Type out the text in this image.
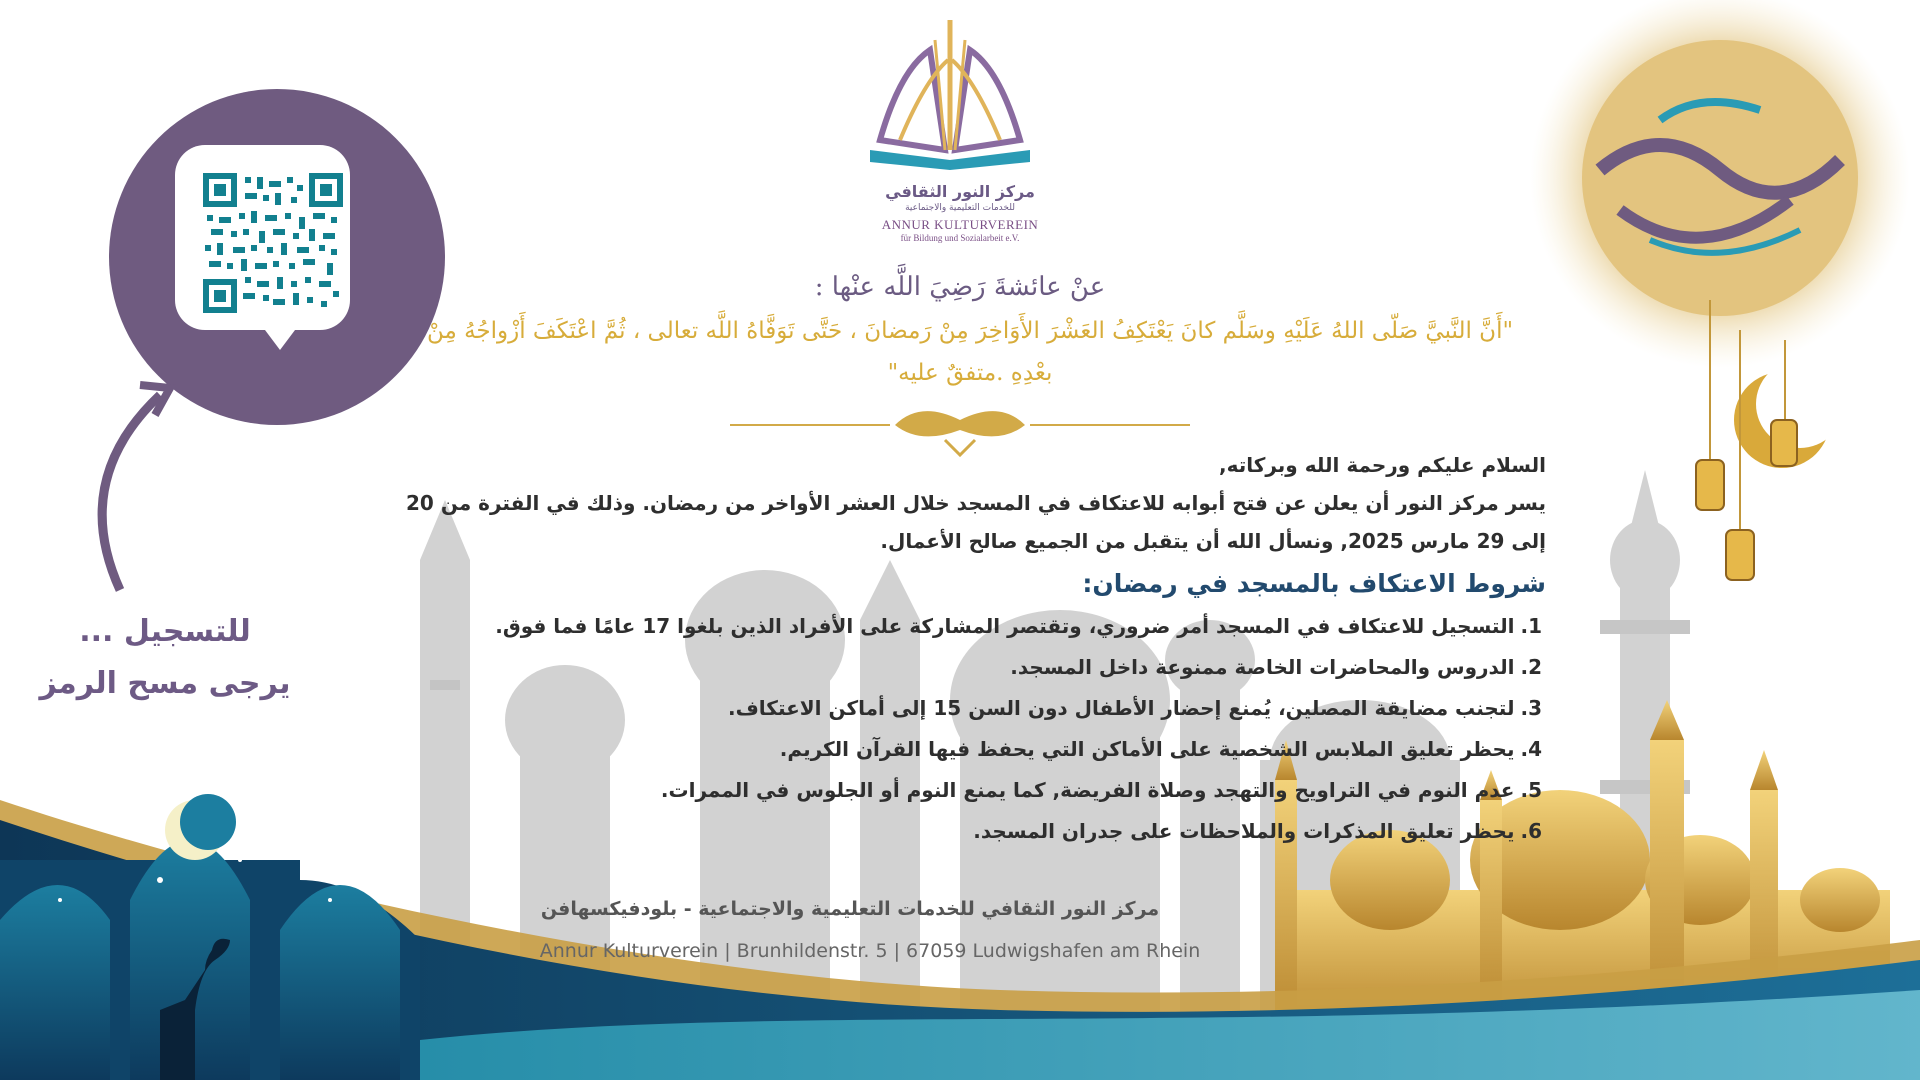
مركز النور الثقافي
للخدمات التعليمية والاجتماعية
ANNUR KULTURVEREIN
für Bildung und Sozialarbeit e.V.
عنْ عائشةَ رَضِيَ اللَّه عنْها :
"أَنَّ النَّبيَّ صَلّى اللهُ عَلَيْهِ وسَلَّم كانَ يَعْتَكِفُ العَشْرَ الأَوَاخِرَ مِنْ رَمضانَ ، حَتَّى تَوَفَّاهُ اللَّه تعالى ، ثُمَّ اعْتَكَفَ أَزْواجُهُ مِنْ بعْدِهِ .متفقٌ عليه"

السلام عليكم ورحمة الله وبركاته,

يسر مركز النور أن يعلن عن فتح أبوابه للاعتكاف في المسجد خلال العشر الأواخر من رمضان. وذلك في الفترة من 20 إلى 29 مارس 2025, ونسأل الله أن يتقبل من الجميع صالح الأعمال.

شروط الاعتكاف بالمسجد في رمضان:

1.التسجيل للاعتكاف في المسجد أمر ضروري، وتقتصر المشاركة على الأفراد الذين بلغوا 17 عامًا فما فوق.

2.الدروس والمحاضرات الخاصة ممنوعة داخل المسجد.

3.لتجنب مضايقة المصلين، يُمنع إحضار الأطفال دون السن 15 إلى أماكن الاعتكاف.

4.يحظر تعليق الملابس الشخصية على الأماكن التي يحفظ فيها القرآن الكريم.

5.عدم النوم في التراويح والتهجد وصلاة الفريضة, كما يمنع النوم أو الجلوس في الممرات.

6.يحظر تعليق المذكرات والملاحظات على جدران المسجد.

مركز النور الثقافي للخدمات التعليمية والاجتماعية - بلودفيكسهافن
Annur Kulturverein | Brunhildenstr. 5 | 67059 Ludwigshafen am Rhein
للتسجيل ...
يرجى مسح الرمز
